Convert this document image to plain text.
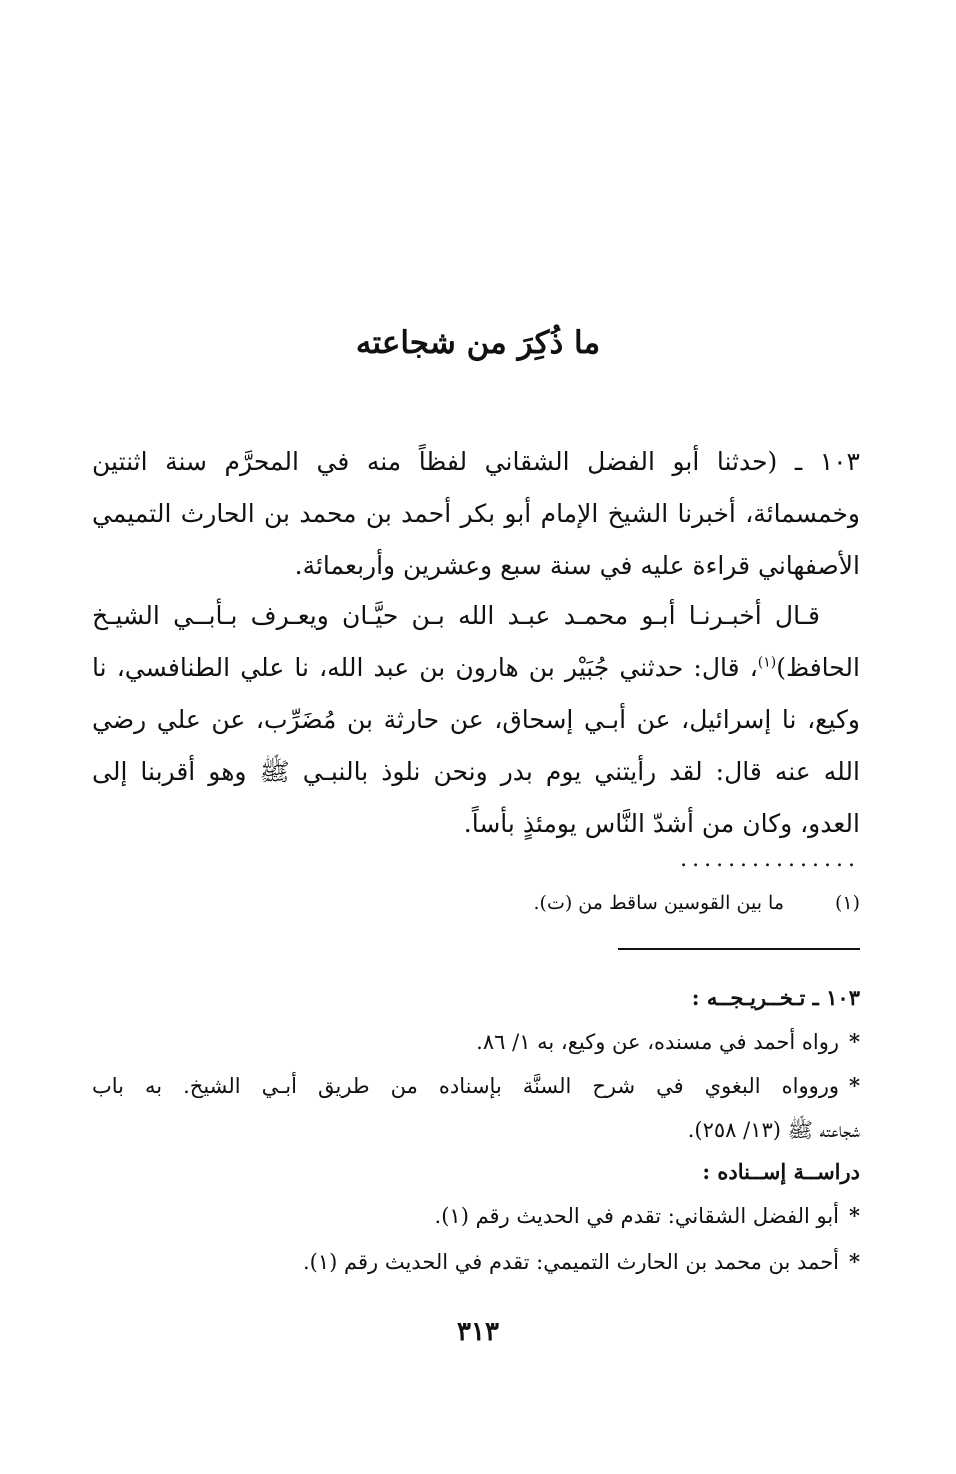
ما ذُكِرَ من شجاعته
١٠٣ ـ (حدثنا أبو الفضل الشقاني لفظاً منه في المحرَّم سنة اثنتين
وخمسمائة، أخبرنا الشيخ الإمام أبو بكر أحمد بن محمد بن الحارث التميمي
الأصفهاني قراءة عليه في سنة سبع وعشرين وأربعمائة.
قـال أخبـرنـا أبـو محمـد عبـد الله بـن حيَّـان ويعـرف بـأبــي الشيـخ
الحافظ)$^{(١)}$، قال: حدثني جُبَيْر بن هارون بن عبد الله، نا علي الطنافسي، نا
وكيع، نا إسرائيل، عن أبـي إسحاق، عن حارثة بن مُضَرِّب، عن علي رضي
الله عنه قال: لقد رأيتني يوم بدر ونحن نلوذ بالنبـي ﷺ وهو أقربنا إلى
العدو، وكان من أشدّ النَّاس يومئذٍ بأساً.
...............
(١)
ما بين القوسين ساقط من (ت).
١٠٣ ـ تـخــريـجــه :
*رواه أحمد في مسنده، عن وكيع، به ١/ ٨٦.
*وروواه البغوي في شرح السنَّة بإسناده من طريق أبـي الشيخ. به باب
شجاعته ﷺ (١٣/ ٢٥٨).
دراســة إســناده :
*أبو الفضل الشقاني: تقدم في الحديث رقم (١).
*أحمد بن محمد بن الحارث التميمي: تقدم في الحديث رقم (١).
٣١٣
